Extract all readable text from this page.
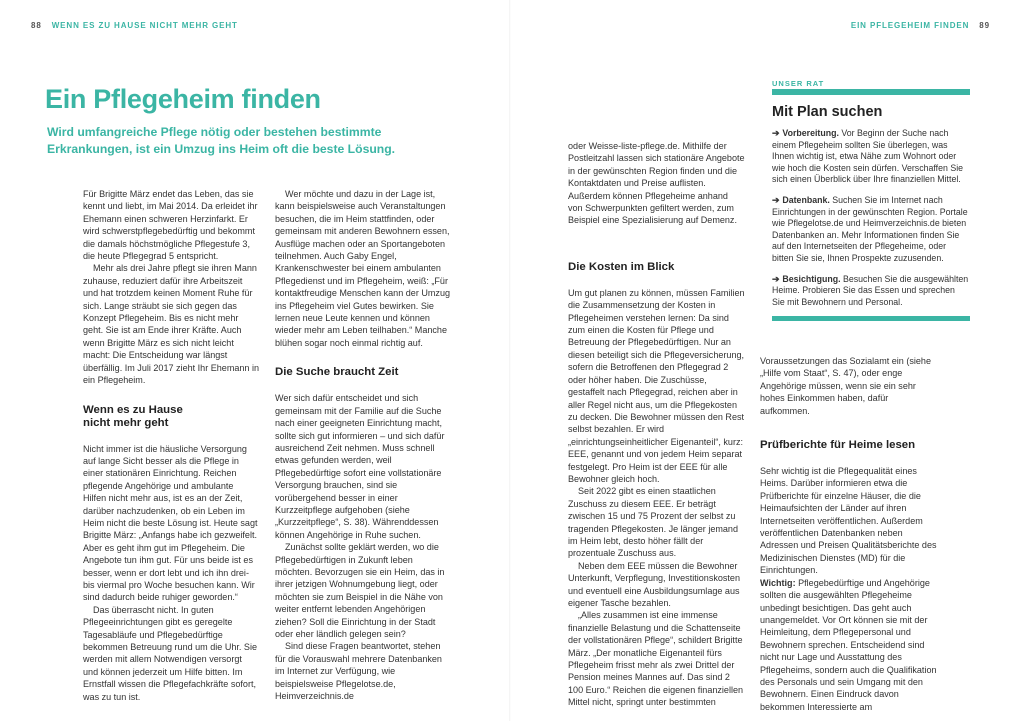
88 WENN ES ZU HAUSE NICHT MEHR GEHT	EIN PFLEGEHEIM FINDEN 89
Ein Pflegeheim finden
Wird umfangreiche Pflege nötig oder bestehen bestimmte
Erkrankungen, ist ein Umzug ins Heim oft die beste Lösung.

Für Brigitte März endet das Leben, das sie kennt und liebt, im Mai 2014. Da erleidet ihr Ehemann einen schweren Herzinfarkt. Er wird schwerstpflegebedürftig und bekommt die damals höchstmögliche Pflegestufe 3, die heute Pflegegrad 5 entspricht.

Mehr als drei Jahre pflegt sie ihren Mann zuhause, reduziert dafür ihre Arbeitszeit und hat trotzdem keinen Moment Ruhe für sich. Lange sträubt sie sich gegen das Konzept Pflegeheim. Bis es nicht mehr geht. Sie ist am Ende ihrer Kräfte. Auch wenn Brigitte März es sich nicht leicht macht: Die Entscheidung war längst überfällig. Im Juli 2017 zieht Ihr Ehemann in ein Pflegeheim.

Wenn es zu Hause
nicht mehr geht

Nicht immer ist die häusliche Versorgung auf lange Sicht besser als die Pflege in einer stationären Einrichtung. Reichen pflegende Angehörige und ambulante Hilfen nicht mehr aus, ist es an der Zeit, darüber nachzudenken, ob ein Leben im Heim nicht die beste Lösung ist. Heute sagt Brigitte März: „Anfangs habe ich gezweifelt. Aber es geht ihm gut im Pflegeheim. Die Angebote tun ihm gut. Für uns beide ist es besser, wenn er dort lebt und ich ihn drei- bis viermal pro Woche besuchen kann. Wir sind dadurch beide ruhiger geworden.“

Das überrascht nicht. In guten Pflegeeinrichtungen gibt es geregelte Tagesabläufe und Pflegebedürftige bekommen Betreuung rund um die Uhr. Sie werden mit allem Notwendigen versorgt und können jederzeit um Hilfe bitten. Im Ernstfall wissen die Pflegefachkräfte sofort, was zu tun ist.

Wer möchte und dazu in der Lage ist, kann beispielsweise auch Veranstaltungen besuchen, die im Heim stattfinden, oder gemeinsam mit anderen Bewohnern essen, Ausflüge machen oder an Sportangeboten teilnehmen. Auch Gaby Engel, Krankenschwester bei einem ambulanten Pflegedienst und im Pflegeheim, weiß: „Für kontaktfreudige Menschen kann der Umzug ins Pflegeheim viel Gutes bewirken. Sie lernen neue Leute kennen und können wieder mehr am Leben teilhaben.“ Manche blühen sogar noch einmal richtig auf.

Die Suche braucht Zeit

Wer sich dafür entscheidet und sich gemeinsam mit der Familie auf die Suche nach einer geeigneten Einrichtung macht, sollte sich gut informieren – und sich dafür ausreichend Zeit nehmen. Muss schnell etwas gefunden werden, weil Pflegebedürftige sofort eine vollstationäre Versorgung brauchen, sind sie vorübergehend besser in einer Kurzzeitpflege aufgehoben (siehe „Kurzzeitpflege“, S. 38). Währenddessen können Angehörige in Ruhe suchen.

Zunächst sollte geklärt werden, wo die Pflegebedürftigen in Zukunft leben möchten. Bevorzugen sie ein Heim, das in ihrer jetzigen Wohnumgebung liegt, oder möchten sie zum Beispiel in die Nähe von weiter entfernt lebenden Angehörigen ziehen? Soll die Einrichtung in der Stadt oder eher ländlich gelegen sein?

Sind diese Fragen beantwortet, stehen für die Vorauswahl mehrere Datenbanken im Internet zur Verfügung, wie beispielsweise Pflegelotse.de, Heimverzeichnis.de

oder Weisse-liste-pflege.de. Mithilfe der Postleitzahl lassen sich stationäre Angebote in der gewünschten Region finden und die Kontaktdaten und Preise auflisten. Außerdem können Pflegeheime anhand von Schwerpunkten gefiltert werden, zum Beispiel eine Spezialisierung auf Demenz.

Die Kosten im Blick

Um gut planen zu können, müssen Familien die Zusammensetzung der Kosten in Pflegeheimen verstehen lernen: Da sind zum einen die Kosten für Pflege und Betreuung der Pflegebedürftigen. Nur an diesen beteiligt sich die Pflegeversicherung, sofern die Betroffenen den Pflegegrad 2 oder höher haben. Die Zuschüsse, gestaffelt nach Pflegegrad, reichen aber in aller Regel nicht aus, um die Pflegekosten zu decken. Die Bewohner müssen den Rest selbst bezahlen. Er wird „einrichtungseinheitlicher Eigenanteil“, kurz: EEE, genannt und von jedem Heim separat festgelegt. Pro Heim ist der EEE für alle Bewohner gleich hoch.

Seit 2022 gibt es einen staatlichen Zuschuss zu diesem EEE. Er beträgt zwischen 15 und 75 Prozent der selbst zu tragenden Pflegekosten. Je länger jemand im Heim lebt, desto höher fällt der prozentuale Zuschuss aus.

Neben dem EEE müssen die Bewohner Unterkunft, Verpflegung, Investitionskosten und eventuell eine Ausbildungsumlage aus eigener Tasche bezahlen.

„Alles zusammen ist eine immense finanzielle Belastung und die Schattenseite der vollstationären Pflege“, schildert Brigitte März. „Der monatliche Eigenanteil fürs Pflegeheim frisst mehr als zwei Drittel der Pension meines Mannes auf. Das sind 2 100 Euro.“ Reichen die eigenen finanziellen Mittel nicht, springt unter bestimmten

UNSER RAT
Mit Plan suchen
➔ Vorbereitung. Vor Beginn der Suche nach einem Pflegeheim sollten Sie überlegen, was Ihnen wichtig ist, etwa Nähe zum Wohnort oder wie hoch die Kosten sein dürfen. Verschaffen Sie sich einen Überblick über Ihre finanziellen Mittel.
➔ Datenbank. Suchen Sie im Internet nach Einrichtungen in der gewünschten Region. Portale wie Pflegelotse.de und Heimverzeichnis.de bieten Datenbanken an. Mehr Informationen finden Sie auf den Internetseiten der Pflegeheime, oder bitten Sie sie, Ihnen Prospekte zuzusenden.
➔ Besichtigung. Besuchen Sie die ausgewählten Heime. Probieren Sie das Essen und sprechen Sie mit Bewohnern und Personal.

Voraussetzungen das Sozialamt ein (siehe „Hilfe vom Staat“, S. 47), oder enge Angehörige müssen, wenn sie ein sehr hohes Einkommen haben, dafür aufkommen.

Prüfberichte für Heime lesen

Sehr wichtig ist die Pflegequalität eines Heims. Darüber informieren etwa die Prüfberichte für einzelne Häuser, die die Heimaufsichten der Länder auf ihren Internetseiten veröffentlichen. Außerdem veröffentlichen Datenbanken neben Adressen und Preisen Qualitätsberichte des Medizinischen Dienstes (MD) für die Einrichtungen.

Wichtig: Pflegebedürftige und Angehörige sollten die ausgewählten Pflegeheime unbedingt besichtigen. Das geht auch unangemeldet. Vor Ort können sie mit der Heimleitung, dem Pflegepersonal und Bewohnern sprechen. Entscheidend sind nicht nur Lage und Ausstattung des Pflegeheims, sondern auch die Qualifikation des Personals und sein Umgang mit den Bewohnern. Einen Eindruck davon bekommen Interessierte am
